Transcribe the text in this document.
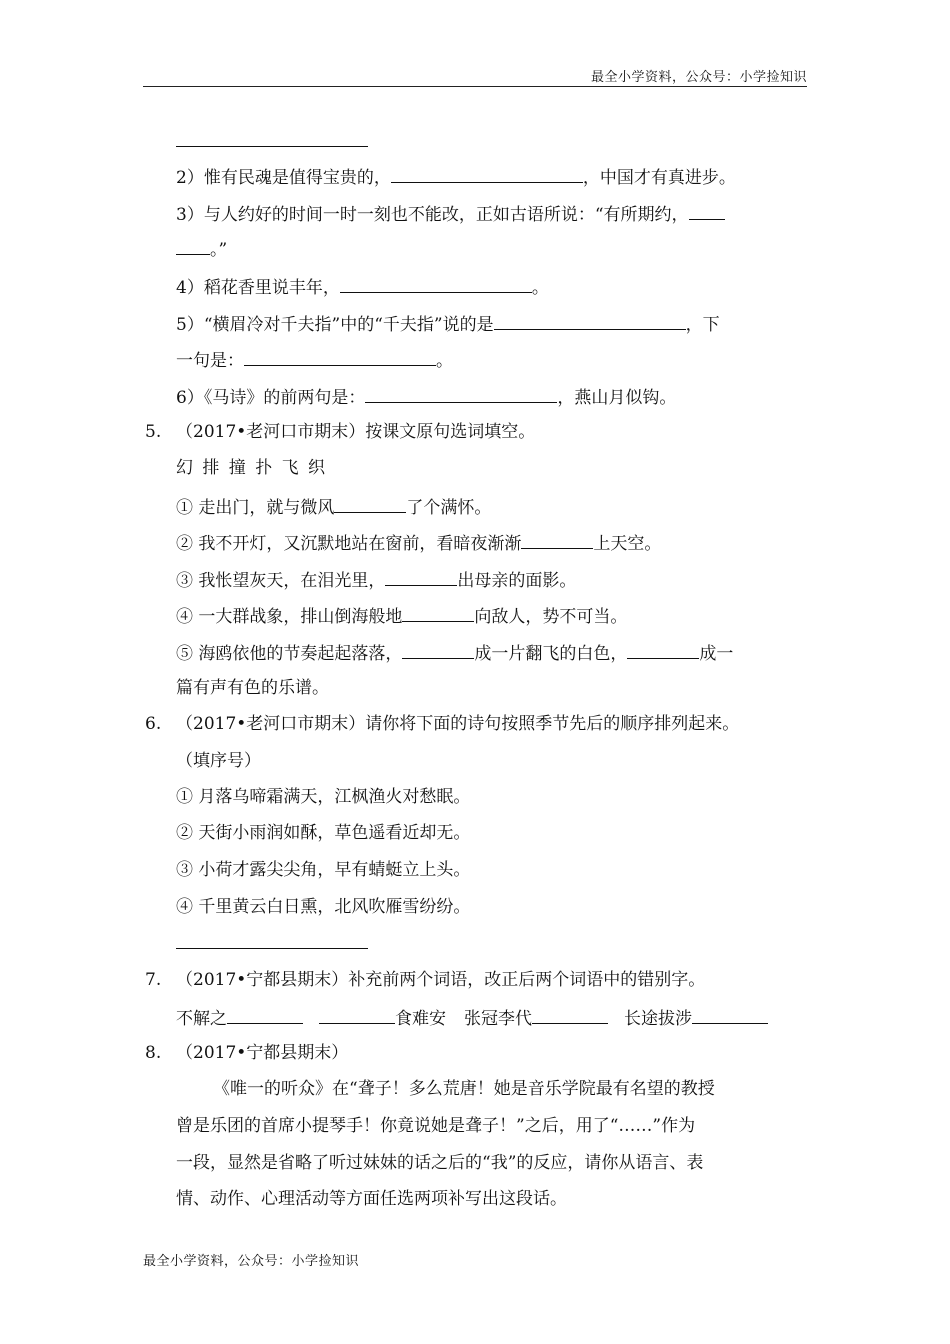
最全小学资料，公众号：小学捡知识
最全小学资料，公众号：小学捡知识
2）惟有民魂是值得宝贵的，	，中国才有真进步。
3）与人约好的时间一时一刻也不能改，正如古语所说：“有所期约，
。”
4）稻花香里说丰年，	。
5）“横眉冷对千夫指”中的“千夫指”说的是	，下
一句是：	。
6）《马诗》的前两句是：	，燕山月似钩。
5. （2017•老河口市期末）按课文原句选词填空。
幻 排 撞 扑 飞 织
① 走出门，就与微风	了个满怀。
② 我不开灯，又沉默地站在窗前，看暗夜渐渐	上天空。
③ 我怅望灰天，在泪光里，	出母亲的面影。
④ 一大群战象，排山倒海般地	向敌人，势不可当。
⑤ 海鸥依他的节奏起起落落，	成一片翻飞的白色，	成一
篇有声有色的乐谱。
6. （2017•老河口市期末）请你将下面的诗句按照季节先后的顺序排列起来。
（填序号）
① 月落乌啼霜满天，江枫渔火对愁眠。
② 天街小雨润如酥，草色遥看近却无。
③ 小荷才露尖尖角，早有蜻蜓立上头。
④ 千里黄云白日熏，北风吹雁雪纷纷。
7. （2017•宁都县期末）补充前两个词语，改正后两个词语中的错别字。
不解之	食难安 张冠李代	长途拔涉
8. （2017•宁都县期末）
《唯一的听众》在“聋子！多么荒唐！她是音乐学院最有名望的教授
曾是乐团的首席小提琴手！你竟说她是聋子！”之后，用了“……”作为
一段，显然是省略了听过妹妹的话之后的“我”的反应，请你从语言、表
情、动作、心理活动等方面任选两项补写出这段话。
